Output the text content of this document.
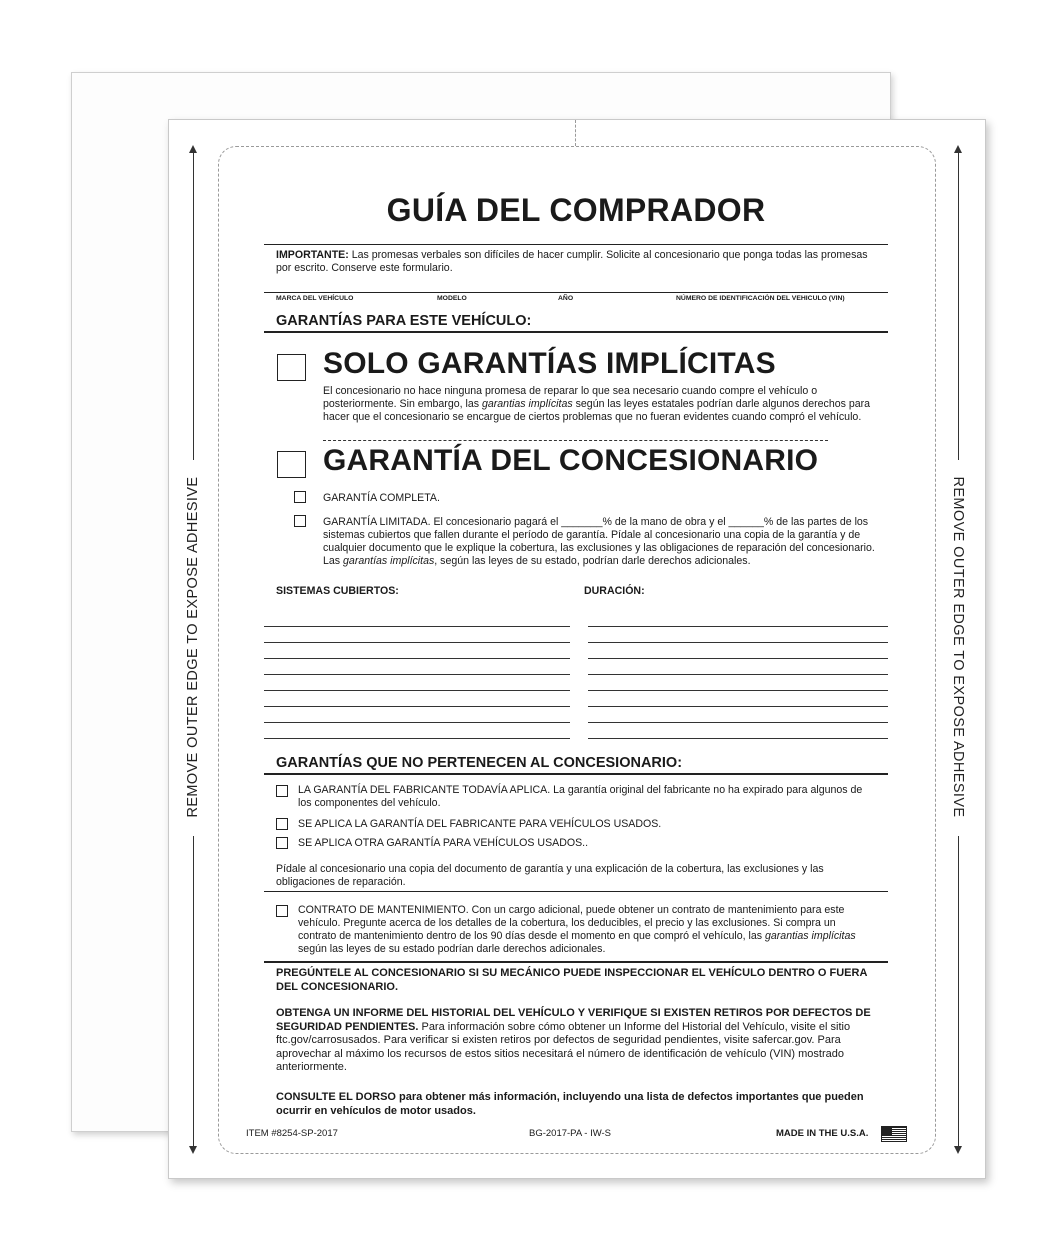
REMOVE OUTER EDGE TO EXPOSE ADHESIVE	REMOVE OUTER EDGE TO EXPOSE ADHESIVE
GUÍA DEL COMPRADOR
IMPORTANTE: Las promesas verbales son difíciles de hacer cumplir. Solicite al concesionario que ponga todas las promesas por escrito. Conserve este formulario.
MARCA DEL VEHÍCULO	MODELO	AÑO	NÚMERO DE IDENTIFICACIÓN DEL VEHICULO (VIN)
GARANTÍAS PARA ESTE VEHÍCULO:
SOLO GARANTÍAS IMPLÍCITAS
El concesionario no hace ninguna promesa de reparar lo que sea necesario cuando compre el vehículo o posteriormente. Sin embargo, las garantias implícitas según las leyes estatales podrían darle algunos derechos para hacer que el concesionario se encargue de ciertos problemas que no fueran evidentes cuando compró el vehículo.
GARANTÍA DEL CONCESIONARIO
GARANTÍA COMPLETA.
GARANTÍA LIMITADA. El concesionario pagará el _______% de la mano de obra y el ______% de las partes de los sistemas cubiertos que fallen durante el período de garantía. Pídale al concesionario una copia de la garantía y de cualquier documento que le explique la cobertura, las exclusiones y las obligaciones de reparación del concesionario. Las garantías implícitas, según las leyes de su estado, podrían darle derechos adicionales.
SISTEMAS CUBIERTOS:	DURACIÓN:
GARANTÍAS QUE NO PERTENECEN AL CONCESIONARIO:
LA GARANTÍA DEL FABRICANTE TODAVÍA APLICA. La garantía original del fabricante no ha expirado para algunos de los componentes del vehículo.
SE APLICA LA GARANTÍA DEL FABRICANTE PARA VEHÍCULOS USADOS.
SE APLICA OTRA GARANTÍA PARA VEHÍCULOS USADOS..
Pídale al concesionario una copia del documento de garantía y una explicación de la cobertura, las exclusiones y las obligaciones de reparación.
CONTRATO DE MANTENIMIENTO. Con un cargo adicional, puede obtener un contrato de mantenimiento para este vehículo. Pregunte acerca de los detalles de la cobertura, los deducibles, el precio y las exclusiones. Si compra un contrato de mantenimiento dentro de los 90 días desde el momento en que compró el vehículo, las garantias implícitas según las leyes de su estado podrían darle derechos adicionales.
PREGÚNTELE AL CONCESIONARIO SI SU MECÁNICO PUEDE INSPECCIONAR EL VEHÍCULO DENTRO O FUERA DEL CONCESIONARIO.
OBTENGA UN INFORME DEL HISTORIAL DEL VEHÍCULO Y VERIFIQUE SI EXISTEN RETIROS POR DEFECTOS DE SEGURIDAD PENDIENTES. Para información sobre cómo obtener un Informe del Historial del Vehículo, visite el sitio ftc.gov/carrosusados. Para verificar si existen retiros por defectos de seguridad pendientes, visite safercar.gov. Para aprovechar al máximo los recursos de estos sitios necesitará el número de identificación de vehículo (VIN) mostrado anteriormente.
CONSULTE EL DORSO para obtener más información, incluyendo una lista de defectos importantes que pueden ocurrir en vehículos de motor usados.
ITEM #8254-SP-2017	BG-2017-PA - IW-S	MADE IN THE U.S.A.
